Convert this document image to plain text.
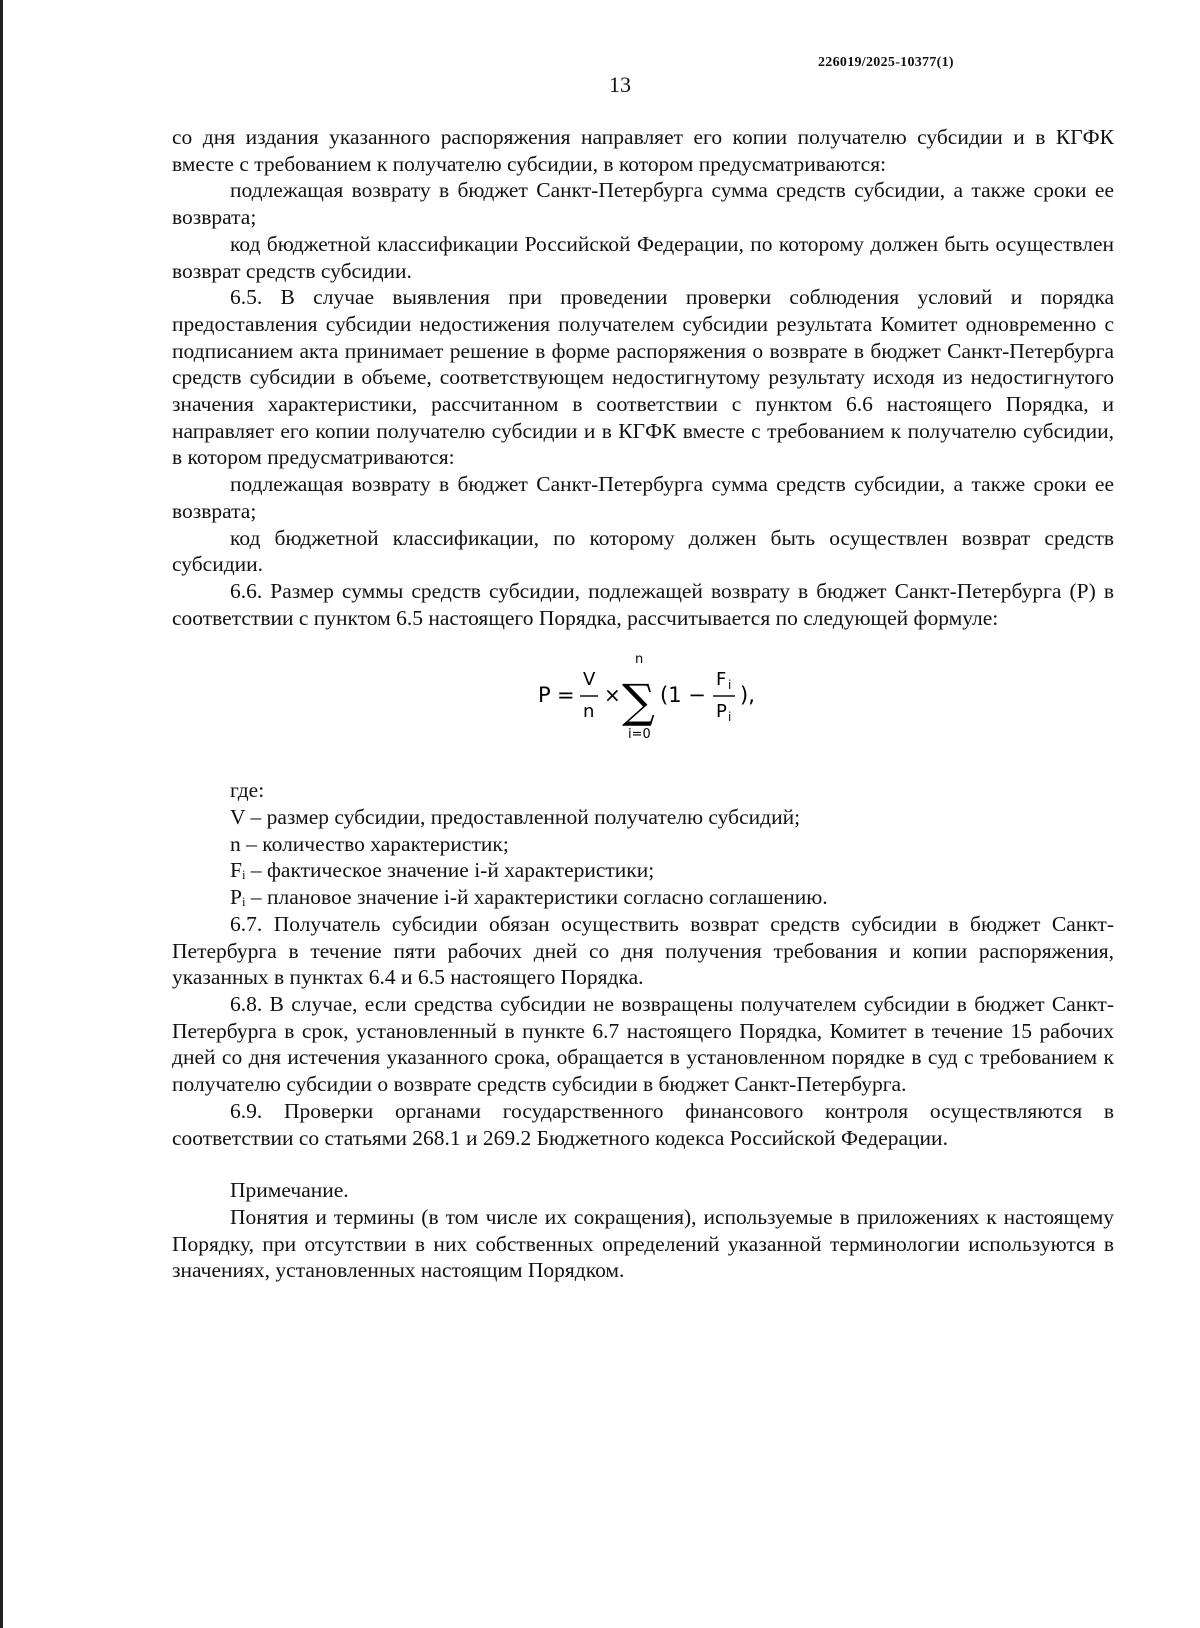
226019/2025-10377(1)
13

со дня издания указанного распоряжения направляет его копии получателю субсидии и в КГФК вместе с требованием к получателю субсидии, в котором предусматриваются:

подлежащая возврату в бюджет Санкт-Петербурга сумма средств субсидии, а также сроки ее возврата;

код бюджетной классификации Российской Федерации, по которому должен быть осуществлен возврат средств субсидии.

6.5. В случае выявления при проведении проверки соблюдения условий и порядка предоставления субсидии недостижения получателем субсидии результата Комитет одновременно с подписанием акта принимает решение в форме распоряжения о возврате в бюджет Санкт-Петербурга средств субсидии в объеме, соответствующем недостигнутому результату исходя из недостигнутого значения характеристики, рассчитанном в соответствии с пунктом 6.6 настоящего Порядка, и направляет его копии получателю субсидии и в КГФК вместе с требованием к получателю субсидии, в котором предусматриваются:

подлежащая возврату в бюджет Санкт-Петербурга сумма средств субсидии, а также сроки ее возврата;

код бюджетной классификации, по которому должен быть осуществлен возврат средств субсидии.

6.6. Размер суммы средств субсидии, подлежащей возврату в бюджет Санкт-Петербурга (Р) в соответствии с пунктом 6.5 настоящего Порядка, рассчитывается по следующей формуле:

P =
V
n
×
n
∑
i=0
(1 −
F i
P i
),

где:

V – размер субсидии, предоставленной получателю субсидий;

n – количество характеристик;

Fᵢ – фактическое значение i-й характеристики;

Pᵢ – плановое значение i-й характеристики согласно соглашению.

6.7. Получатель субсидии обязан осуществить возврат средств субсидии в бюджет Санкт-Петербурга в течение пяти рабочих дней со дня получения требования и копии распоряжения, указанных в пунктах 6.4 и 6.5 настоящего Порядка.

6.8. В случае, если средства субсидии не возвращены получателем субсидии в бюджет Санкт-Петербурга в срок, установленный в пункте 6.7 настоящего Порядка, Комитет в течение 15 рабочих дней со дня истечения указанного срока, обращается в установленном порядке в суд с требованием к получателю субсидии о возврате средств субсидии в бюджет Санкт-Петербурга.

6.9. Проверки органами государственного финансового контроля осуществляются в соответствии со статьями 268.1 и 269.2 Бюджетного кодекса Российской Федерации.

Примечание.

Понятия и термины (в том числе их сокращения), используемые в приложениях к настоящему Порядку, при отсутствии в них собственных определений указанной терминологии используются в значениях, установленных настоящим Порядком.
